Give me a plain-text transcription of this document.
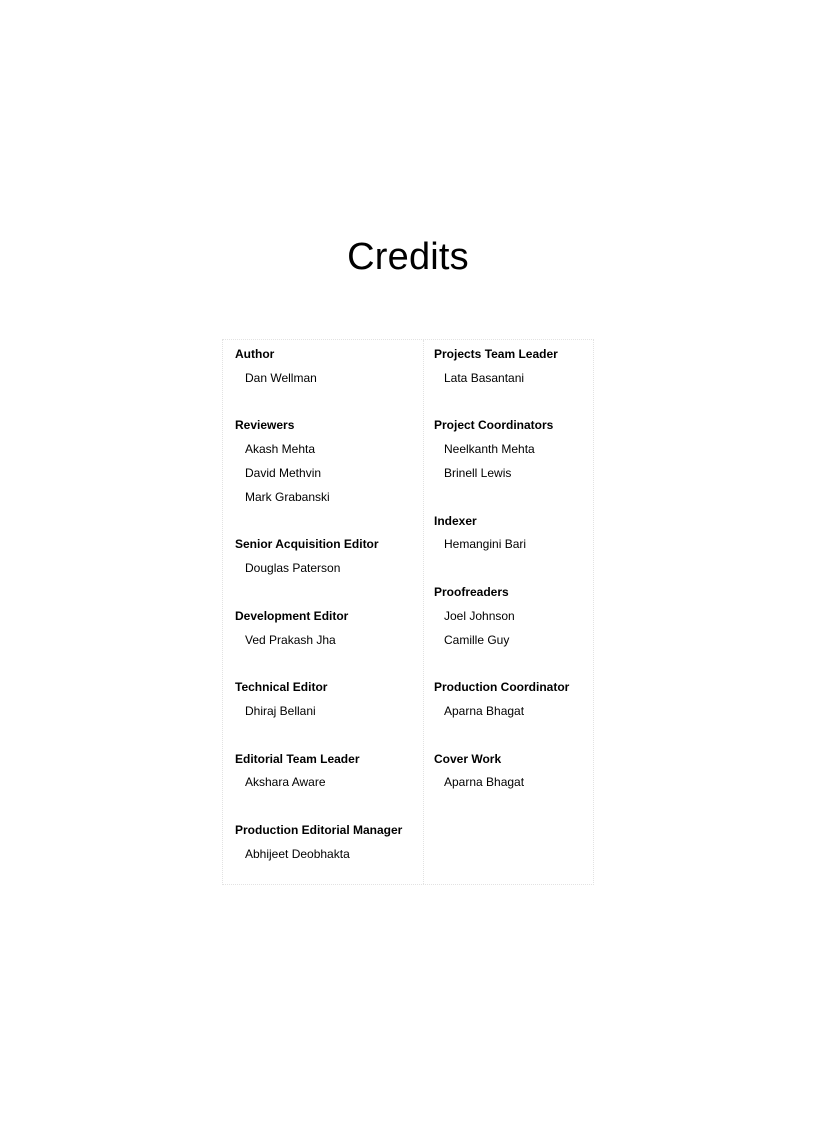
Credits
Author
Dan Wellman
Reviewers
Akash Mehta
David Methvin
Mark Grabanski
Senior Acquisition Editor
Douglas Paterson
Development Editor
Ved Prakash Jha
Technical Editor
Dhiraj Bellani
Editorial Team Leader
Akshara Aware
Production Editorial Manager
Abhijeet Deobhakta
Projects Team Leader
Lata Basantani
Project Coordinators
Neelkanth Mehta
Brinell Lewis
Indexer
Hemangini Bari
Proofreaders
Joel Johnson
Camille Guy
Production Coordinator
Aparna Bhagat
Cover Work
Aparna Bhagat
